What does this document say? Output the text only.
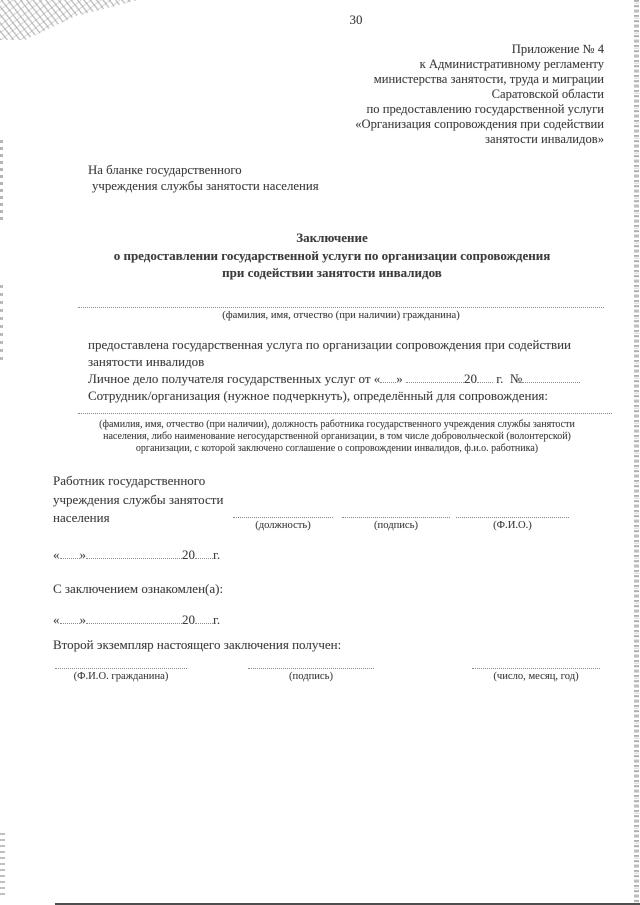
30
Приложение № 4
к Административному регламенту
министерства занятости, труда и миграции
Саратовской области
по предоставлению государственной услуги
«Организация сопровождения при содействии
занятости инвалидов»
На бланке государственного
учреждения службы занятости населения
Заключение
о предоставлении государственной услуги по организации сопровождения
при содействии занятости инвалидов
(фамилия, имя, отчество (при наличии) гражданина)
предоставлена государственная услуга по организации сопровождения при содействии
занятости инвалидов
Личное дело получателя государственных услуг от « »	20 г. №
Сотрудник/организация (нужное подчеркнуть), определённый для сопровождения:
(фамилия, имя, отчество (при наличии), должность работника государственного учреждения службы занятости
населения, либо наименование негосударственной организации, в том числе добровольческой (волонтерской)
организации, с которой заключено соглашение о сопровождении инвалидов, ф.и.о. работника)
Работник государственного
учреждения службы занятости
населения
(должность)	(подпись)	(Ф.И.О.)
« »	20 г.
С заключением ознакомлен(а):
« »	20 г.
Второй экземпляр настоящего заключения получен:
(Ф.И.О. гражданина)	(подпись)	(число, месяц, год)
